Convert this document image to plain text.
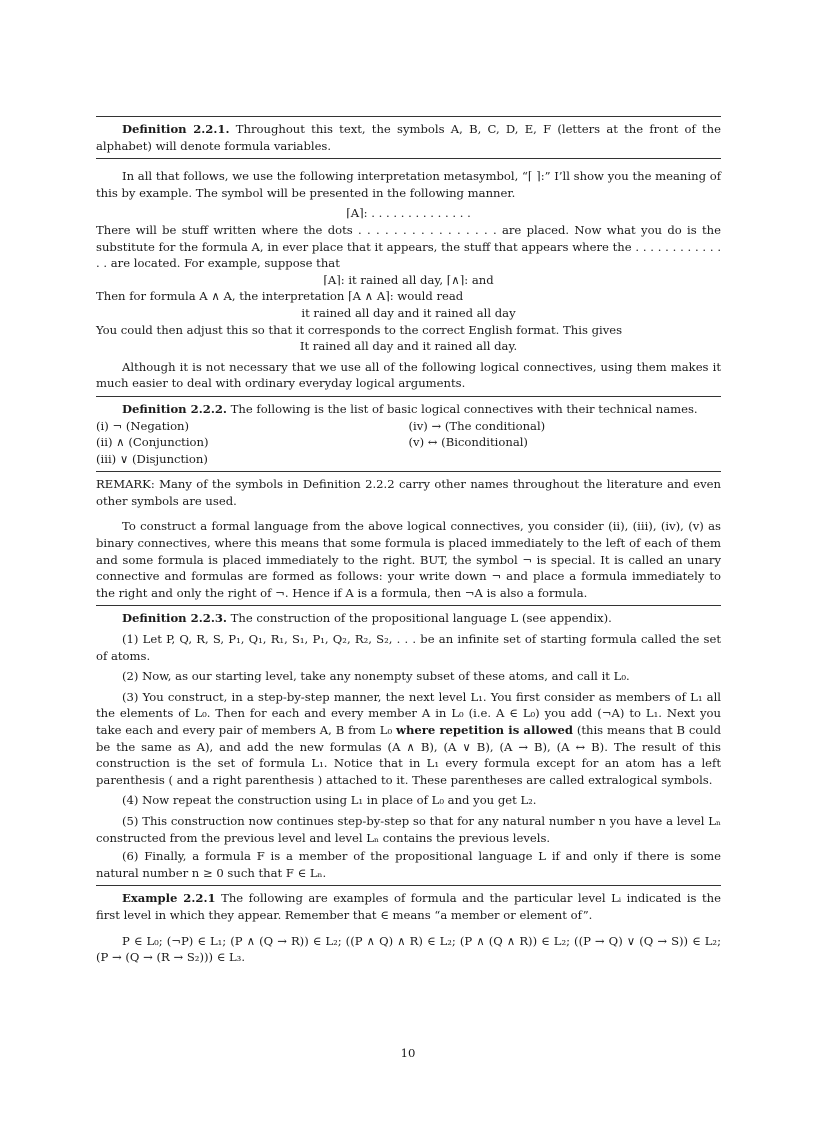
Definition 2.2.1. Throughout this text, the symbols A, B, C, D, E, F (letters at the front of the alphabet) will denote formula variables.

In all that follows, we use the following interpretation metasymbol, “⌈ ⌉:” I’ll show you the meaning of this by example. The symbol will be presented in the following manner.

⌈A⌉: . . . . . . . . . . . . . .

There will be stuff written where the dots . . . . . . . . . . . . . . . . are placed. Now what you do is the substitute for the formula A, in ever place that it appears, the stuff that appears where the . . . . . . . . . . . . . . are located. For example, suppose that

⌈A⌉: it rained all day, ⌈∧⌉: and

Then for formula A ∧ A, the interpretation ⌈A ∧ A⌉: would read

it rained all day and it rained all day

You could then adjust this so that it corresponds to the correct English format. This gives

It rained all day and it rained all day.

Although it is not necessary that we use all of the following logical connectives, using them makes it much easier to deal with ordinary everyday logical arguments.

Definition 2.2.2. The following is the list of basic logical connectives with their technical names.

(i) ¬ (Negation)
(ii) ∧ (Conjunction)
(iii) ∨ (Disjunction)
(iv) → (The conditional)
(v) ↔ (Biconditional)

REMARK: Many of the symbols in Definition 2.2.2 carry other names throughout the literature and even other symbols are used.

To construct a formal language from the above logical connectives, you consider (ii), (iii), (iv), (v) as binary connectives, where this means that some formula is placed immediately to the left of each of them and some formula is placed immediately to the right. BUT, the symbol ¬ is special. It is called an unary connective and formulas are formed as follows: your write down ¬ and place a formula immediately to the right and only the right of ¬. Hence if A is a formula, then ¬A is also a formula.

Definition 2.2.3. The construction of the propositional language L (see appendix).

(1) Let P, Q, R, S, P₁, Q₁, R₁, S₁, P₁, Q₂, R₂, S₂, . . . be an infinite set of starting formula called the set of atoms.

(2) Now, as our starting level, take any nonempty subset of these atoms, and call it L₀.

(3) You construct, in a step-by-step manner, the next level L₁. You first consider as members of L₁ all the elements of L₀. Then for each and every member A in L₀ (i.e. A ∈ L₀) you add (¬A) to L₁. Next you take each and every pair of members A, B from L₀ where repetition is allowed (this means that B could be the same as A), and add the new formulas (A ∧ B), (A ∨ B), (A → B), (A ↔ B). The result of this construction is the set of formula L₁. Notice that in L₁ every formula except for an atom has a left parenthesis ( and a right parenthesis ) attached to it. These parentheses are called extralogical symbols.

(4) Now repeat the construction using L₁ in place of L₀ and you get L₂.

(5) This construction now continues step-by-step so that for any natural number n you have a level Lₙ constructed from the previous level and level Lₙ contains the previous levels.

(6) Finally, a formula F is a member of the propositional language L if and only if there is some natural number n ≥ 0 such that F ∈ Lₙ.

Example 2.2.1 The following are examples of formula and the particular level Lᵢ indicated is the first level in which they appear. Remember that ∈ means “a member or element of”.

P ∈ L₀; (¬P) ∈ L₁; (P ∧ (Q → R)) ∈ L₂; ((P ∧ Q) ∧ R) ∈ L₂; (P ∧ (Q ∧ R)) ∈ L₂; ((P → Q) ∨ (Q → S)) ∈ L₂; (P → (Q → (R → S₂))) ∈ L₃.

10
